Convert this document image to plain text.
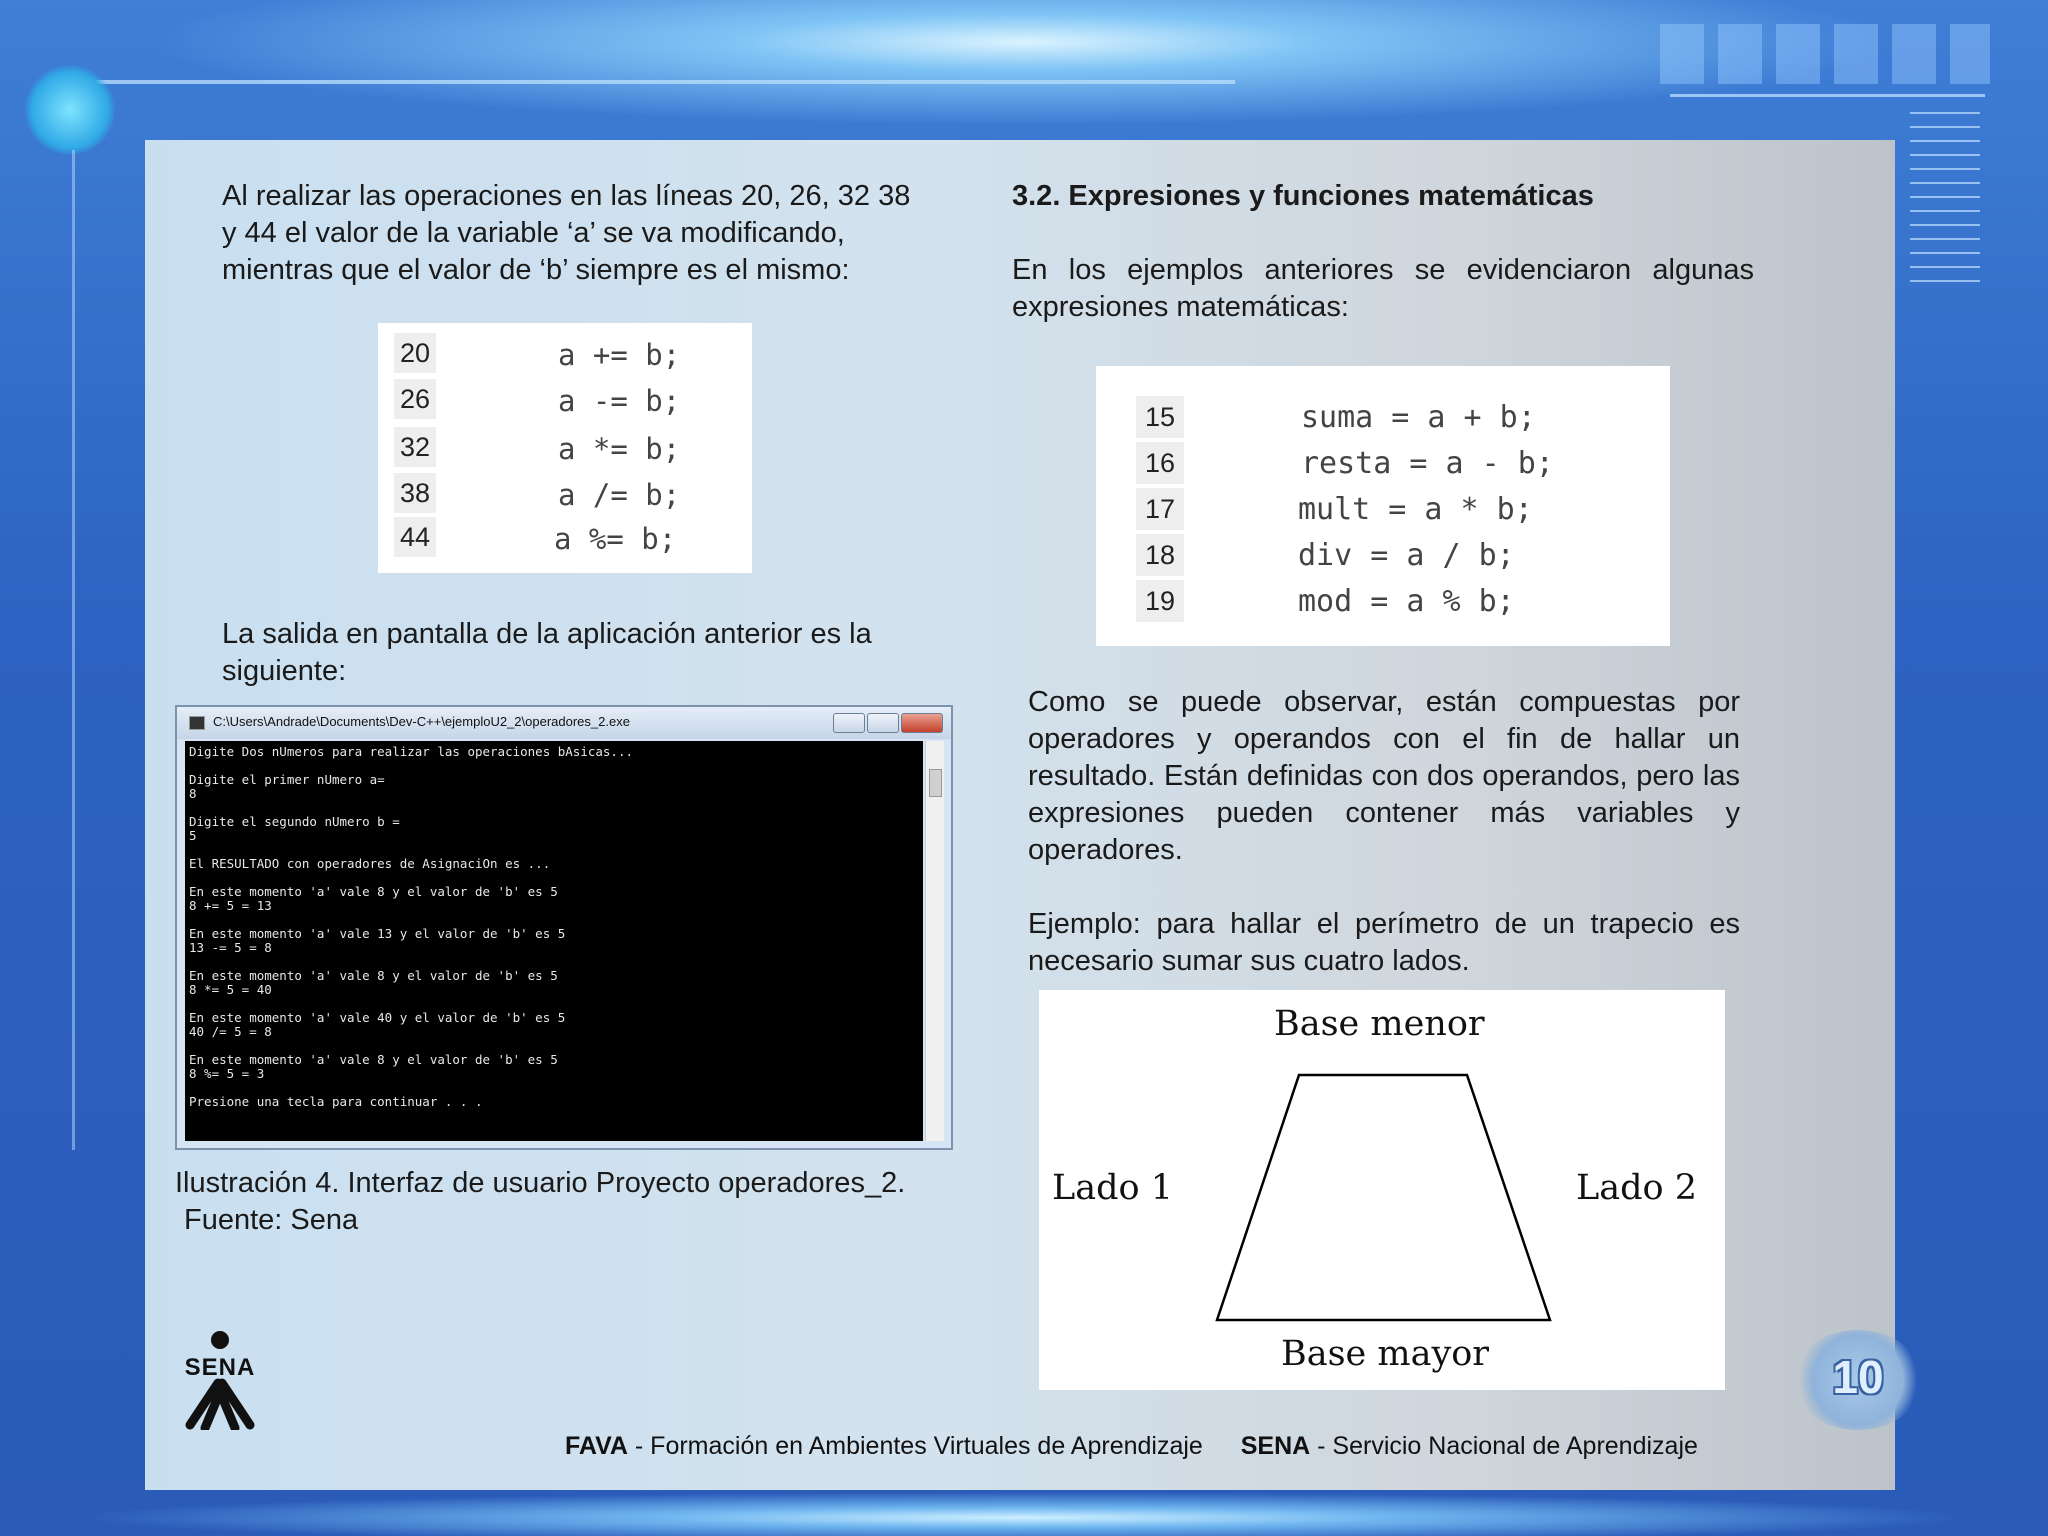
Al realizar las operaciones en las líneas 20, 26, 32 38 y 44 el valor de la variable ‘a’ se va modificando, mientras que el valor de ‘b’ siempre es el mismo:
20	a += b;
26	a -= b;
32	a *= b;
38	a /= b;
44	a %= b;
La salida en pantalla de la aplicación anterior es la siguiente:
C:\Users\Andrade\Documents\Dev-C++\ejemploU2_2\operadores_2.exe
Digite Dos nUmeros para realizar las operaciones bAsicas...

Digite el primer nUmero a=
8

Digite el segundo nUmero b =
5

El RESULTADO con operadores de AsignaciOn es ...

En este momento 'a' vale 8 y el valor de 'b' es 5
8 += 5 = 13

En este momento 'a' vale 13 y el valor de 'b' es 5
13 -= 5 = 8

En este momento 'a' vale 8 y el valor de 'b' es 5
8 *= 5 = 40

En este momento 'a' vale 40 y el valor de 'b' es 5
40 /= 5 = 8

En este momento 'a' vale 8 y el valor de 'b' es 5
8 %= 5 = 3

Presione una tecla para continuar . . .
Ilustración 4. Interfaz de usuario Proyecto operadores_2.
Fuente: Sena
3.2. Expresiones y funciones matemáticas
En los ejemplos anteriores se evidenciaron algunas expresiones matemáticas:
15	suma = a + b;
16	resta = a - b;
17	mult = a * b;
18	div = a / b;
19	mod = a % b;
Como se puede observar, están compuestas por operadores y operandos con el fin de hallar un resultado. Están definidas con dos operandos, pero las expresiones pueden contener más variables y operadores.
Ejemplo: para hallar el perímetro de un trapecio es necesario sumar sus cuatro lados.
Base menor
Lado 1	Lado 2
Base mayor
SENA	10
FAVA - Formación en Ambientes Virtuales de Aprendizaje SENA - Servicio Nacional de Aprendizaje
